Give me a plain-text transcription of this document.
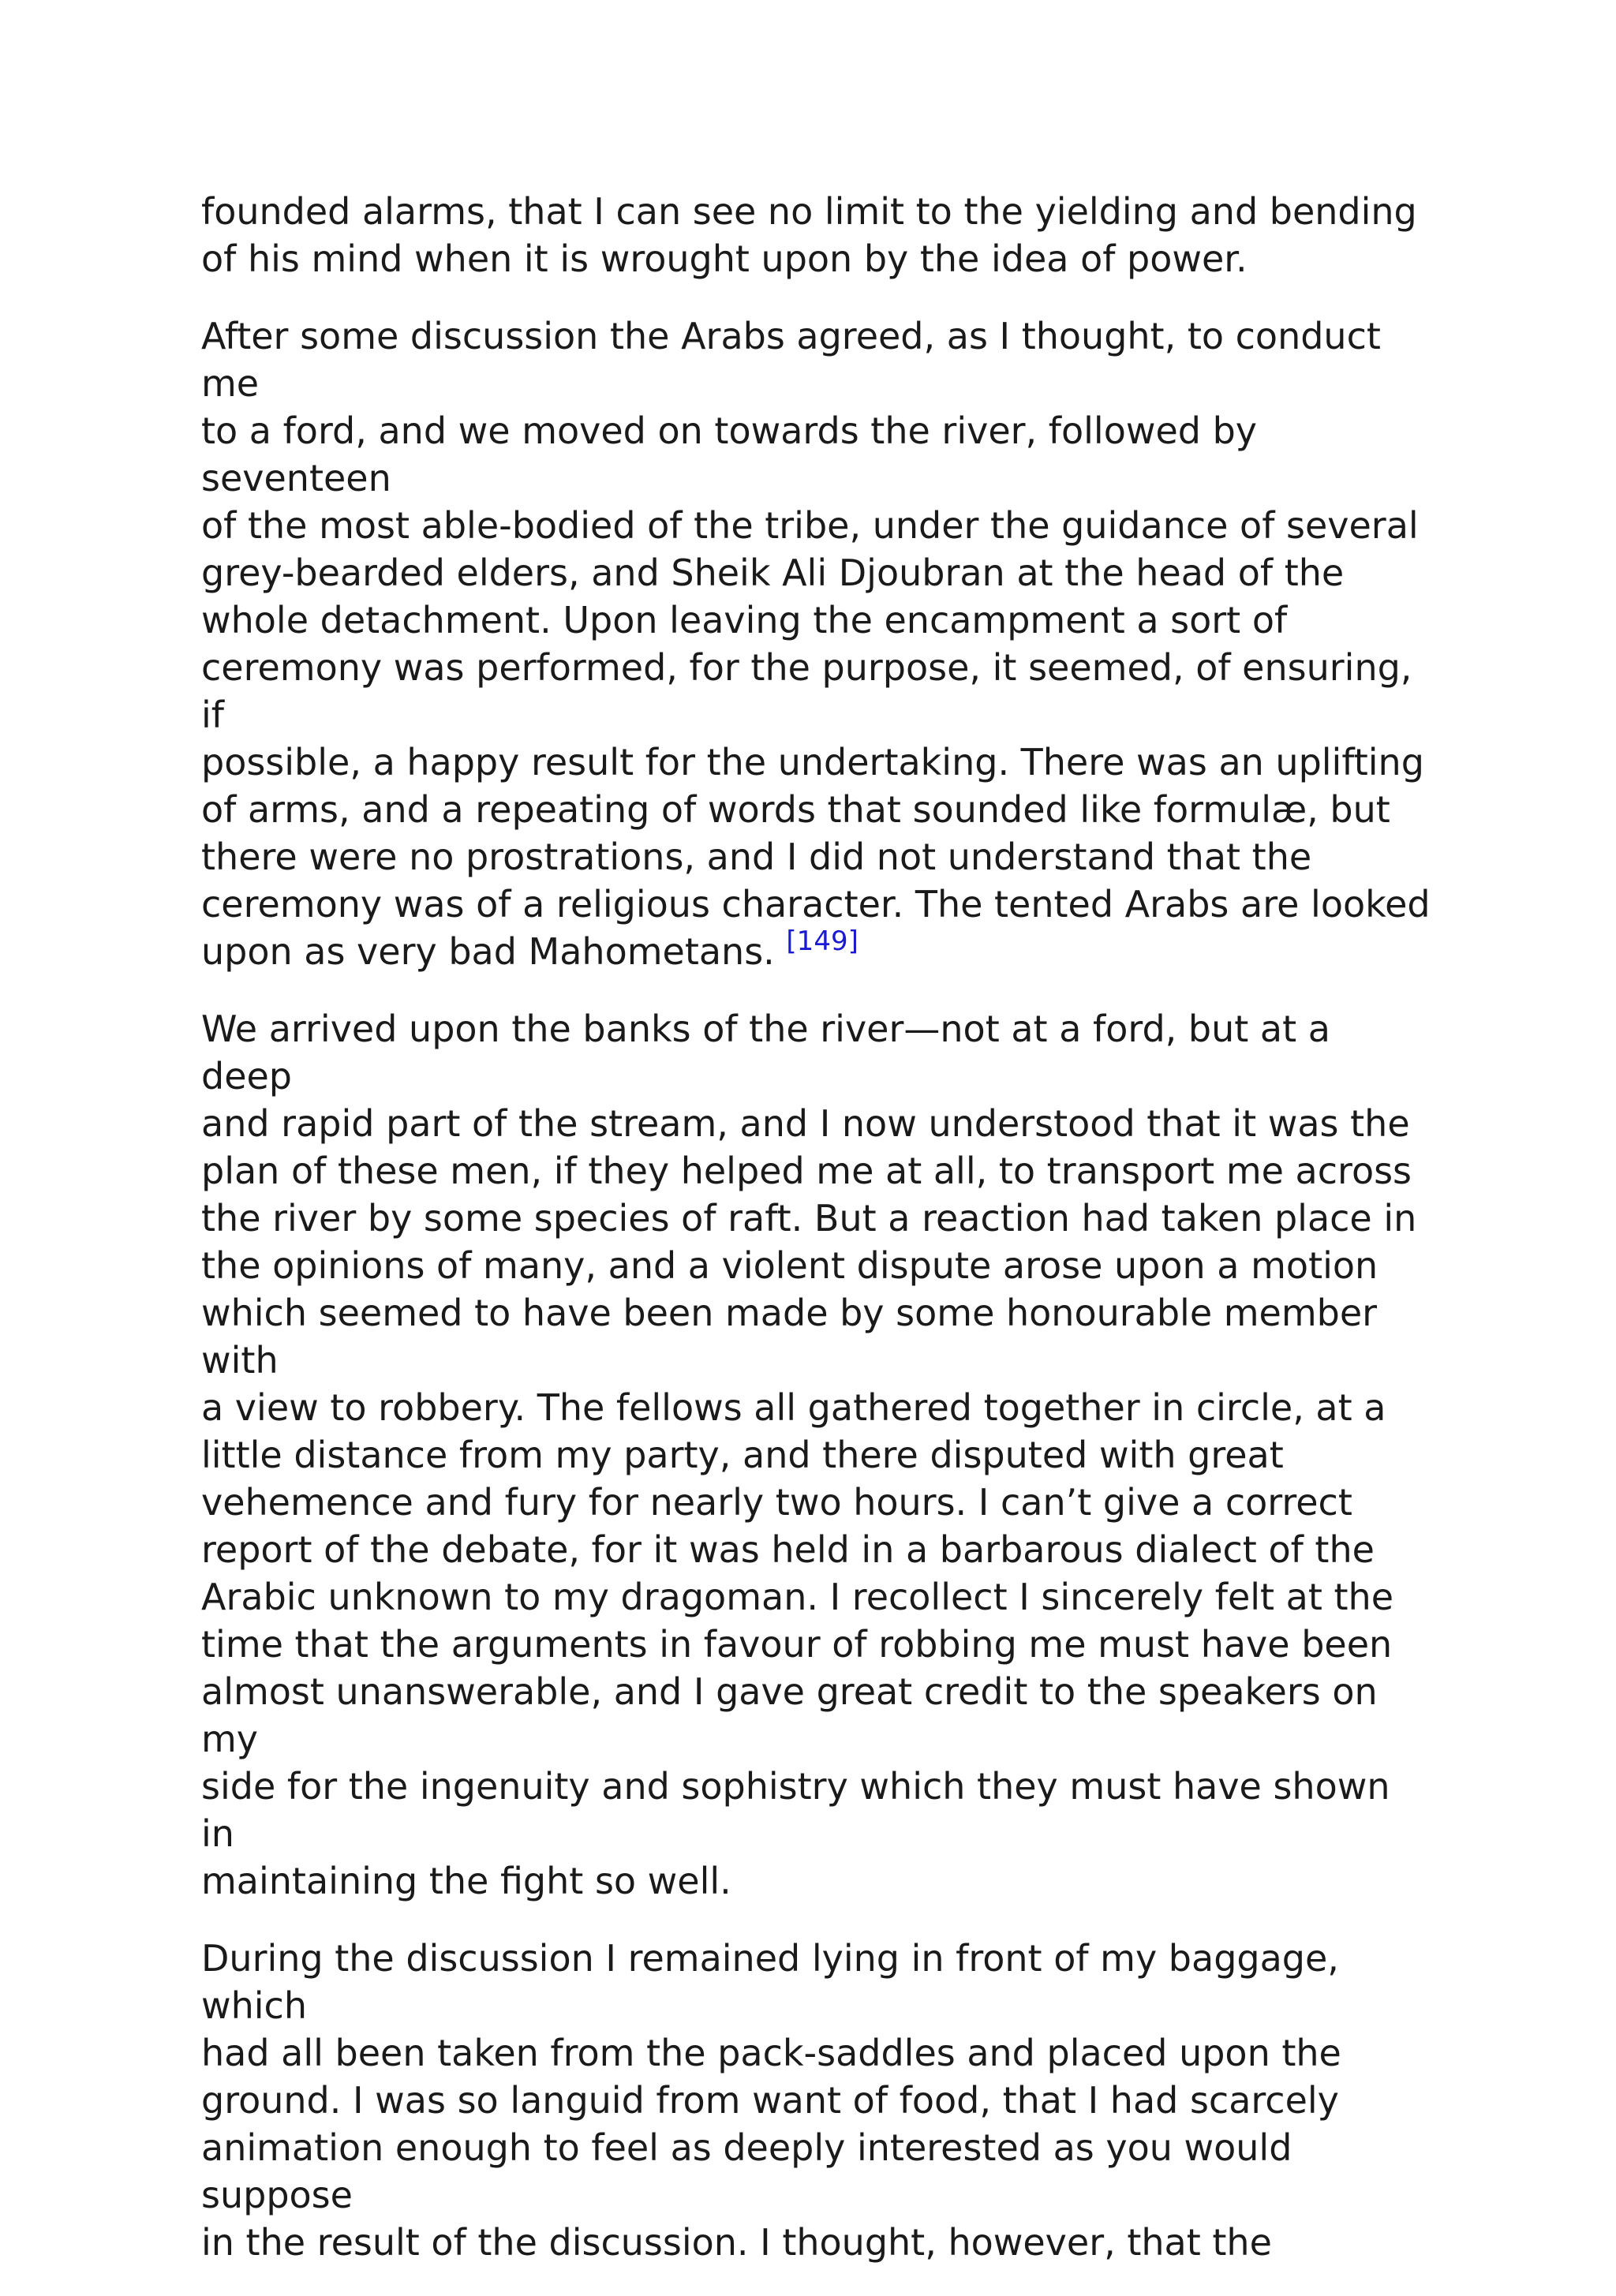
founded alarms, that I can see no limit to the yielding and bending
of his mind when it is wrought upon by the idea of power.

After some discussion the Arabs agreed, as I thought, to conduct me
to a ford, and we moved on towards the river, followed by seventeen
of the most able-bodied of the tribe, under the guidance of several
grey-bearded elders, and Sheik Ali Djoubran at the head of the
whole detachment. Upon leaving the encampment a sort of
ceremony was performed, for the purpose, it seemed, of ensuring, if
possible, a happy result for the undertaking. There was an uplifting
of arms, and a repeating of words that sounded like formulæ, but
there were no prostrations, and I did not understand that the
ceremony was of a religious character. The tented Arabs are looked
upon as very bad Mahometans. [149]

We arrived upon the banks of the river—not at a ford, but at a deep
and rapid part of the stream, and I now understood that it was the
plan of these men, if they helped me at all, to transport me across
the river by some species of raft. But a reaction had taken place in
the opinions of many, and a violent dispute arose upon a motion
which seemed to have been made by some honourable member with
a view to robbery. The fellows all gathered together in circle, at a
little distance from my party, and there disputed with great
vehemence and fury for nearly two hours. I can’t give a correct
report of the debate, for it was held in a barbarous dialect of the
Arabic unknown to my dragoman. I recollect I sincerely felt at the
time that the arguments in favour of robbing me must have been
almost unanswerable, and I gave great credit to the speakers on my
side for the ingenuity and sophistry which they must have shown in
maintaining the fight so well.

During the discussion I remained lying in front of my baggage, which
had all been taken from the pack-saddles and placed upon the
ground. I was so languid from want of food, that I had scarcely
animation enough to feel as deeply interested as you would suppose
in the result of the discussion. I thought, however, that the
